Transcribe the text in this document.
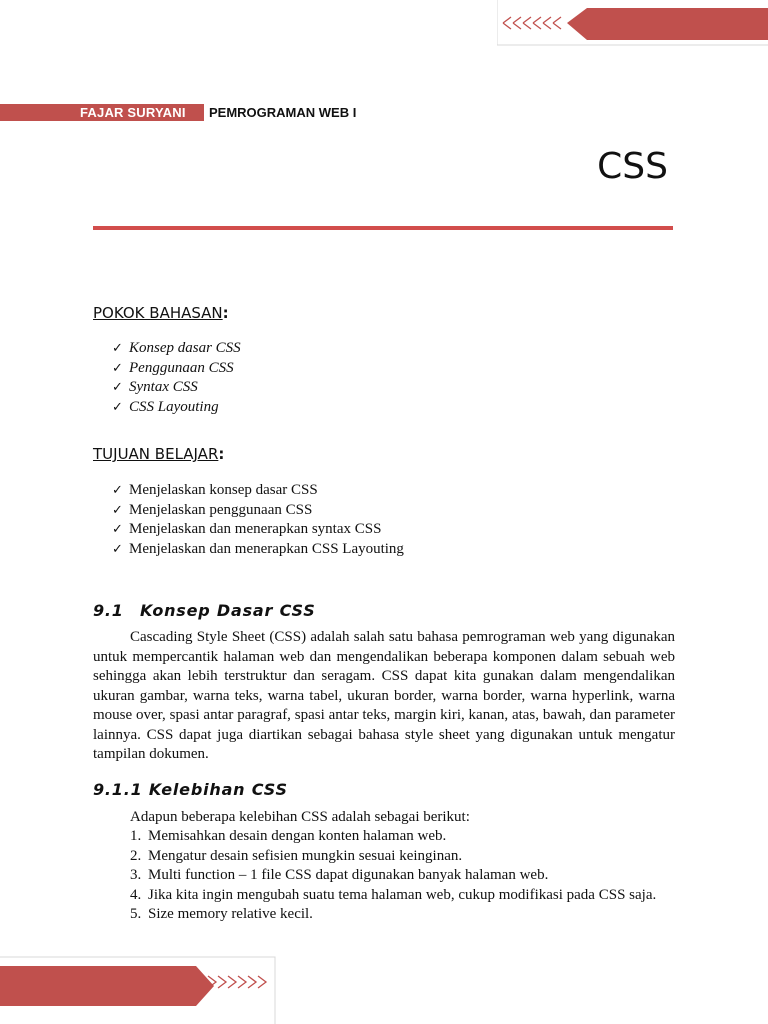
FAJAR SURYANI PEMROGRAMAN WEB I
CSS
POKOK BAHASAN:
✓ Konsep dasar CSS
✓ Penggunaan CSS
✓ Syntax CSS
✓ CSS Layouting
TUJUAN BELAJAR:
✓ Menjelaskan konsep dasar CSS
✓ Menjelaskan penggunaan CSS
✓ Menjelaskan dan menerapkan syntax CSS
✓ Menjelaskan dan menerapkan CSS Layouting
9.1 Konsep Dasar CSS
Cascading Style Sheet (CSS) adalah salah satu bahasa pemrograman web yang digunakan untuk mempercantik halaman web dan mengendalikan beberapa komponen dalam sebuah web sehingga akan lebih terstruktur dan seragam. CSS dapat kita gunakan dalam mengendalikan ukuran gambar, warna teks, warna tabel, ukuran border, warna border, warna hyperlink, warna mouse over, spasi antar paragraf, spasi antar teks, margin kiri, kanan, atas, bawah, dan parameter lainnya. CSS dapat juga diartikan sebagai bahasa style sheet yang digunakan untuk mengatur tampilan dokumen.
9.1.1 Kelebihan CSS
Adapun beberapa kelebihan CSS adalah sebagai berikut:
1. Memisahkan desain dengan konten halaman web.
2. Mengatur desain sefisien mungkin sesuai keinginan.
3. Multi function – 1 file CSS dapat digunakan banyak halaman web.
4. Jika kita ingin mengubah suatu tema halaman web, cukup modifikasi pada CSS saja.
5. Size memory relative kecil.
